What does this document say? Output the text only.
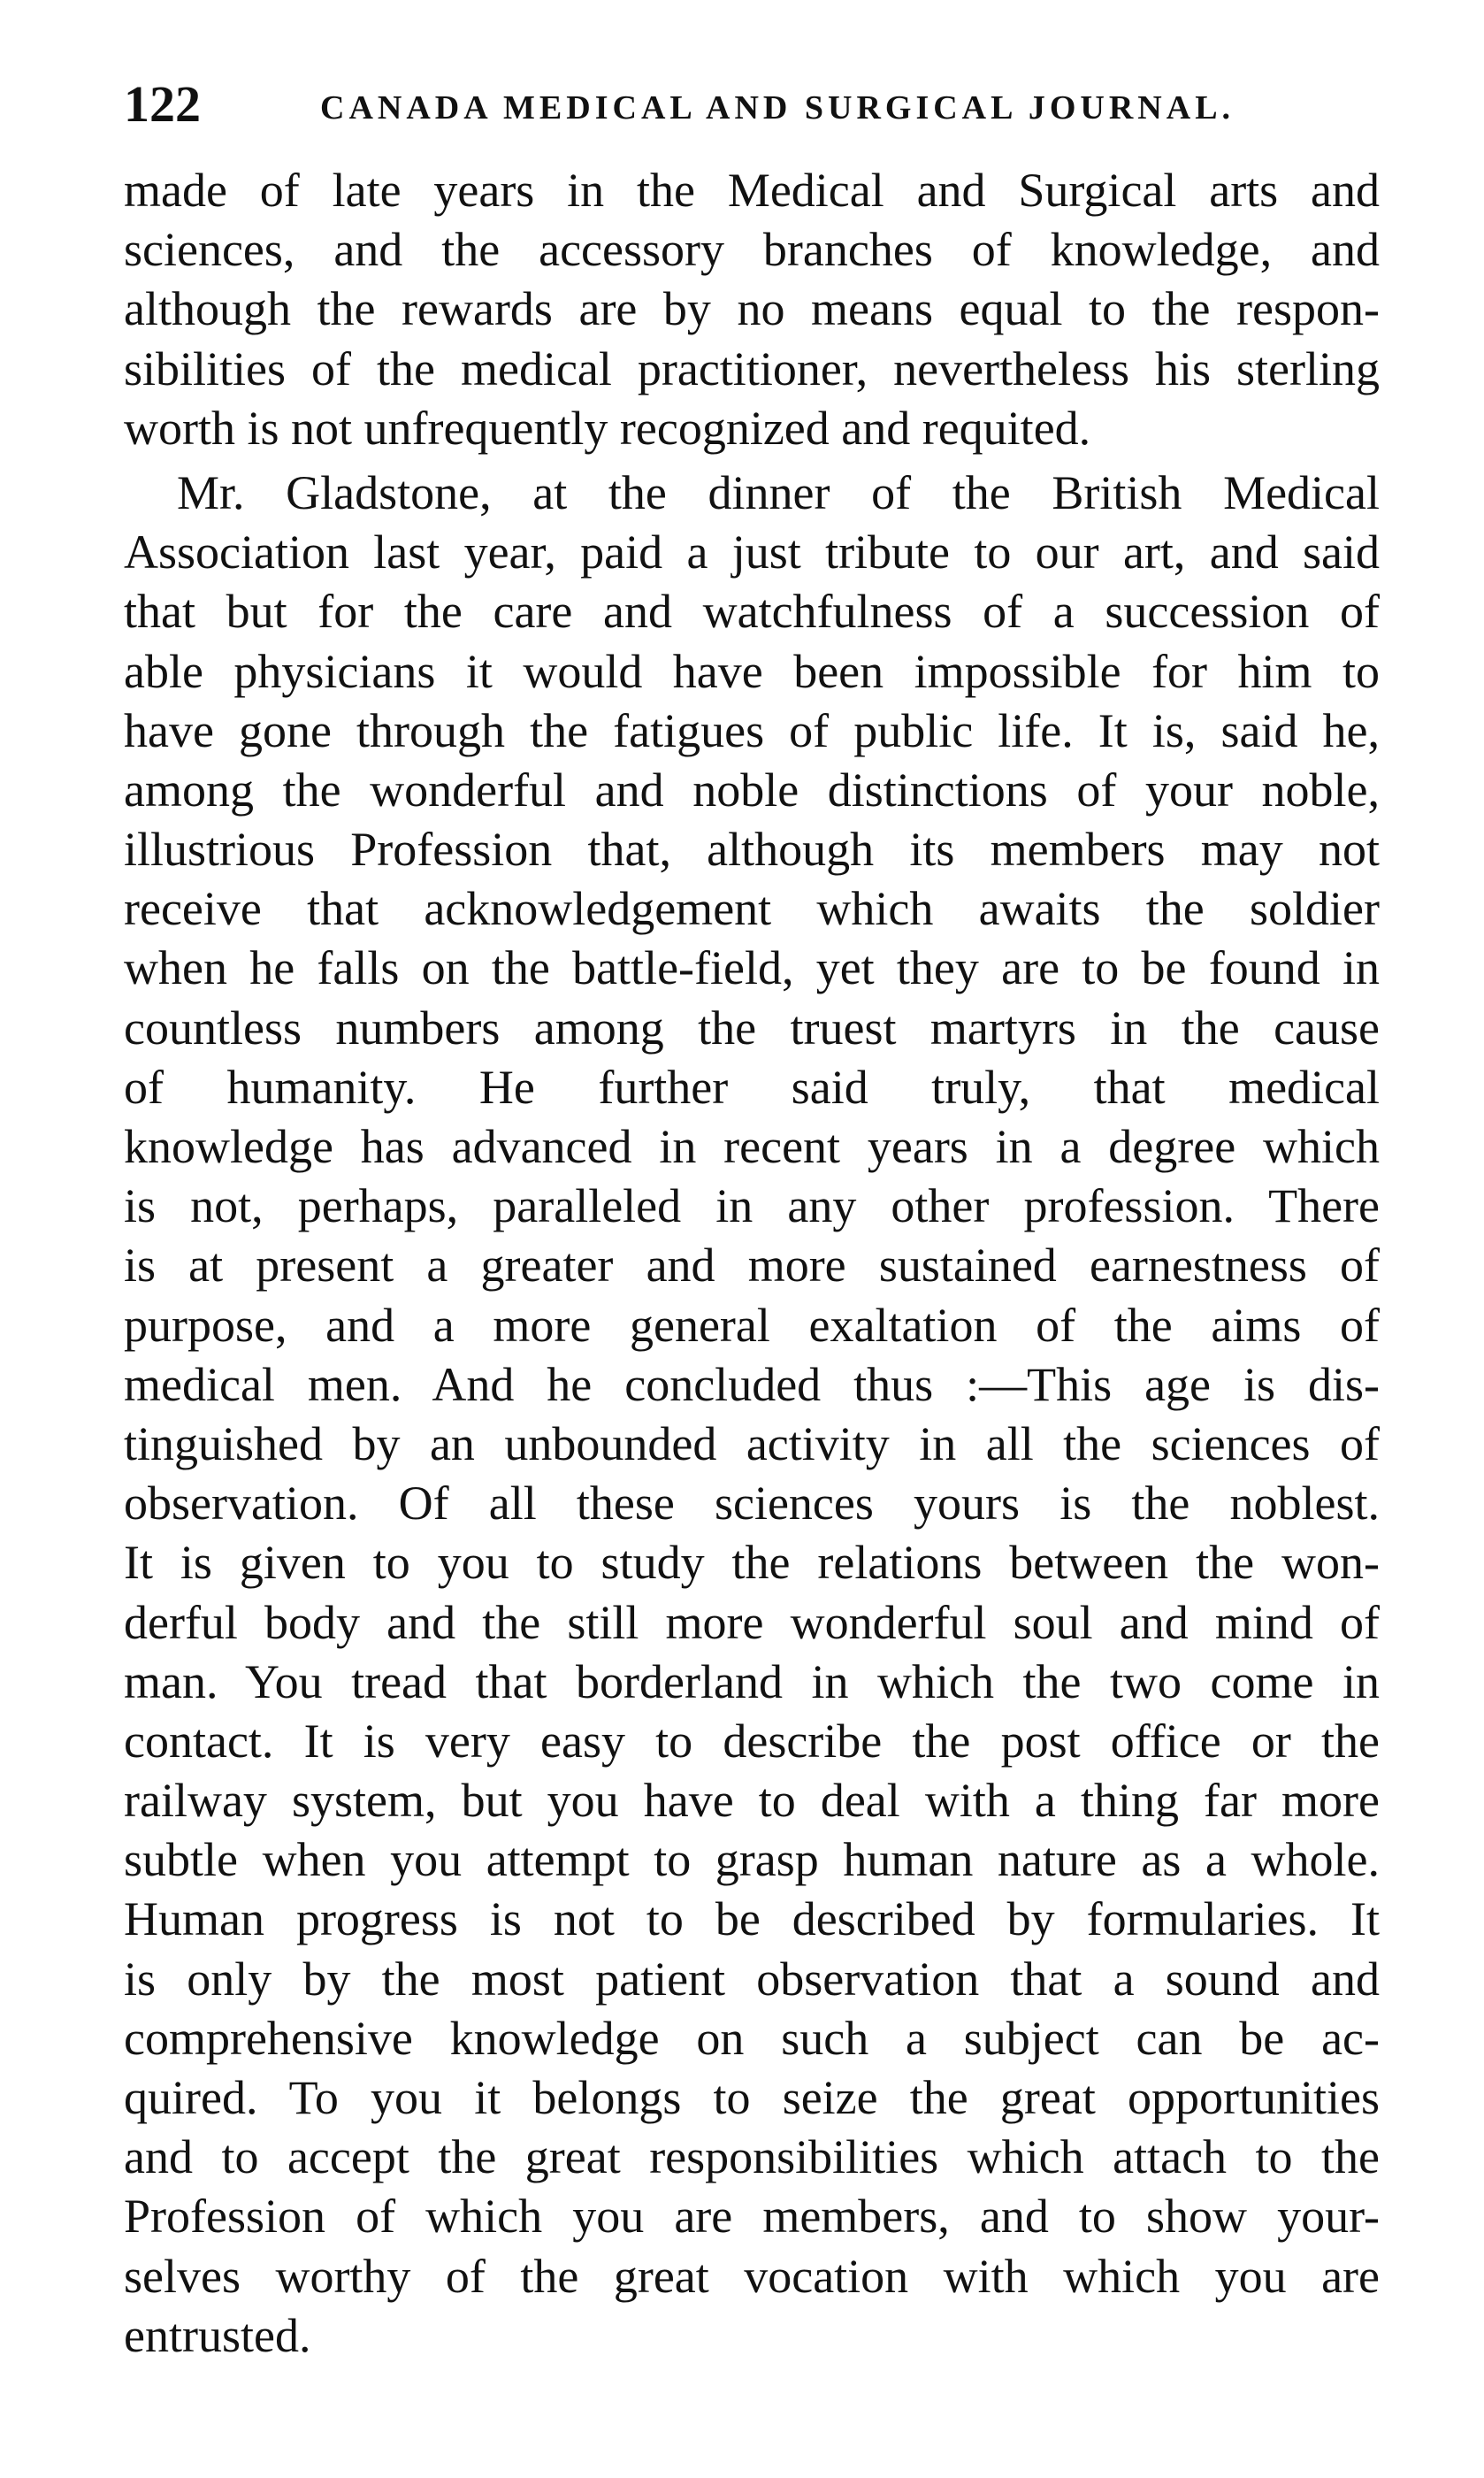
122	CANADA MEDICAL AND SURGICAL JOURNAL.
made of late years in the Medical and Surgical arts and
sciences, and the accessory branches of knowledge, and
although the rewards are by no means equal to the respon-
sibilities of the medical practitioner, nevertheless his sterling
worth is not unfrequently recognized and requited.
Mr. Gladstone, at the dinner of the British Medical
Association last year, paid a just tribute to our art, and said
that but for the care and watchfulness of a succession of
able physicians it would have been impossible for him to
have gone through the fatigues of public life. It is, said he,
among the wonderful and noble distinctions of your noble,
illustrious Profession that, although its members may not
receive that acknowledgement which awaits the soldier
when he falls on the battle-field, yet they are to be found in
countless numbers among the truest martyrs in the cause
of humanity. He further said truly, that medical
knowledge has advanced in recent years in a degree which
is not, perhaps, paralleled in any other profession. There
is at present a greater and more sustained earnestness of
purpose, and a more general exaltation of the aims of
medical men. And he concluded thus :—This age is dis-
tinguished by an unbounded activity in all the sciences of
observation. Of all these sciences yours is the noblest.
It is given to you to study the relations between the won-
derful body and the still more wonderful soul and mind of
man. You tread that borderland in which the two come in
contact. It is very easy to describe the post office or the
railway system, but you have to deal with a thing far more
subtle when you attempt to grasp human nature as a whole.
Human progress is not to be described by formularies. It
is only by the most patient observation that a sound and
comprehensive knowledge on such a subject can be ac-
quired. To you it belongs to seize the great opportunities
and to accept the great responsibilities which attach to the
Profession of which you are members, and to show your-
selves worthy of the great vocation with which you are
entrusted.
